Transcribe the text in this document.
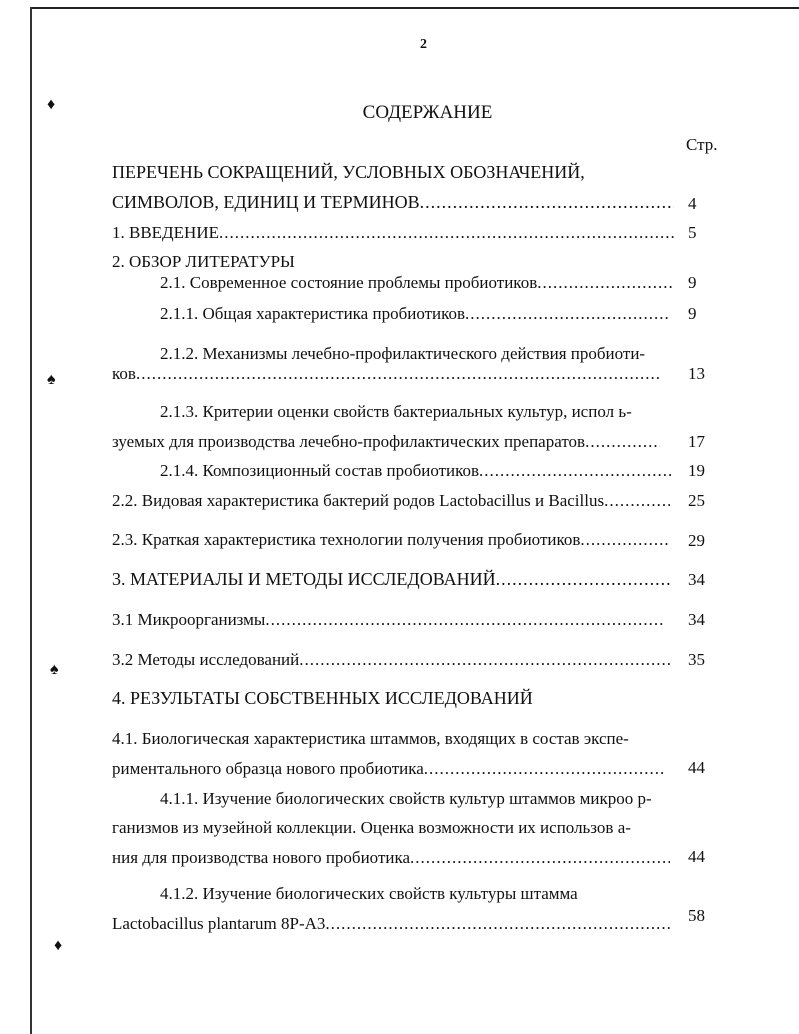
♦
♠
♠
♦
2
СОДЕРЖАНИЕ
Стр.
ПЕРЕЧЕНЬ СОКРАЩЕНИЙ, УСЛОВНЫХ ОБОЗНАЧЕНИЙ,
СИМВОЛОВ, ЕДИНИЦ И ТЕРМИНОВ .....	4
1. ВВЕДЕНИЕ .....	5
2. ОБЗОР ЛИТЕРАТУРЫ
2.1. Современное состояние проблемы пробиотиков .....	9
2.1.1. Общая характеристика пробиотиков .....	9
2.1.2. Механизмы лечебно-профилактического действия пробиоти-
ков .....	13
2.1.3. Критерии оценки свойств бактериальных культур, испол ь-
зуемых для производства лечебно-профилактических препаратов .....	17
2.1.4. Композиционный состав пробиотиков .....	19
2.2. Видовая характеристика бактерий родов Lactobacillus и Bacillus .....	25
2.3. Краткая характеристика технологии получения пробиотиков .....	29
3. МАТЕРИАЛЫ И МЕТОДЫ ИССЛЕДОВАНИЙ .....	34
3.1 Микроорганизмы .....	34
3.2 Методы исследований .....	35
4. РЕЗУЛЬТАТЫ СОБСТВЕННЫХ ИССЛЕДОВАНИЙ
4.1. Биологическая характеристика штаммов, входящих в состав экспе-
риментального образца нового пробиотика .....	44
4.1.1. Изучение биологических свойств культур штаммов микроо р-
ганизмов из музейной коллекции. Оценка возможности их использов а-
ния для производства нового пробиотика .....	44
4.1.2. Изучение биологических свойств культуры штамма
Lactobacillus plantarum 8P-A3 .....	58
